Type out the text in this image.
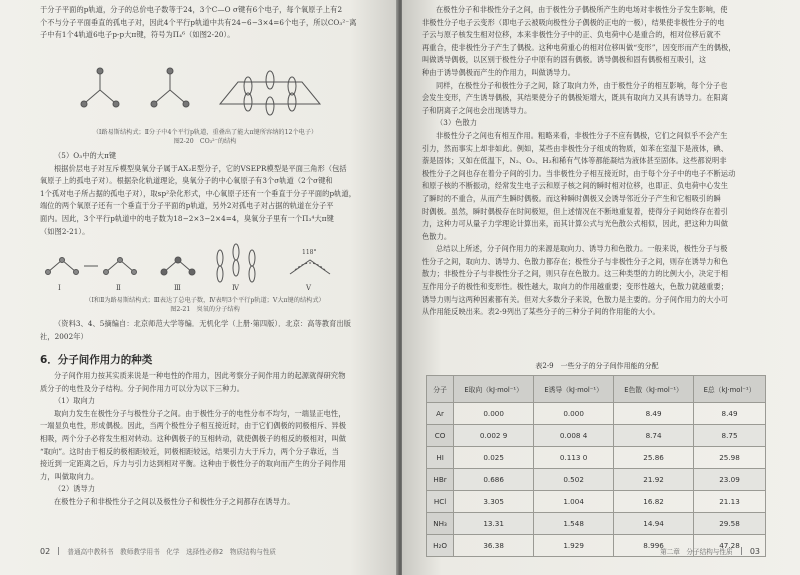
于分子平面的p轨道，分子的总价电子数等于24，3个C—O σ键有6个电子，每个氧原子上有2

个不与分子平面垂直的孤电子对，因此4个平行p轨道中共有24−6−3×4=6个电子，所以CO₃²⁻离

子中有1个4轨道6电子p-p大π键，符号为Π₄⁶（如图2-20）。

（Ⅰ路易斯结构式；Ⅱ分子中4个平行p轨道，重叠出了能大π键所容纳的12个电子）
图2-20　CO₃²⁻的结构

（5）O₃中的大π键

根据价层电子对互斥模型臭氧分子属于AX₂E型分子，它的VSEPR模型是平面三角形（包括

氧原子上的孤电子对）。根据杂化轨道理论，臭氧分子的中心氧原子有3个σ轨道（2个σ键和

1个孤对电子所占据的孤电子对），取sp²杂化形式，中心氧原子还有一个垂直于分子平面的p轨道，

端位的两个氧原子还有一个垂直于分子平面的p轨道，另外2对孤电子对占据的轨道在分子平

面内。因此，3个平行p轨道中的电子数为18−2×3−2×4=4，臭氧分子里有一个Π₃⁴大π键

（如图2-21）。

Ⅰ	Ⅱ	Ⅲ	Ⅳ	Ⅴ
118°
（Ⅰ和Ⅱ为路易斯结构式；Ⅲ表达了总电子数，Ⅳ表明3个平行p轨道；Ⅴ大π键的结构式）
图2-21　臭氧的分子结构

（资料3、4、5摘编自：北京师范大学等编．无机化学（上册·第四版）．北京：高等教育出版

社，2002年）

6．分子间作用力的种类

分子间作用力按其实质来说是一种电性的作用力，因此考察分子间作用力的起源就得研究物

质分子的电性及分子结构。分子间作用力可以分为以下三种力。

（1）取向力

取向力发生在极性分子与极性分子之间。由于极性分子的电性分布不均匀，一端显正电性，

一端显负电性，形成偶极。因此，当两个极性分子相互接近时，由于它们偶极的同极相斥、异极

相吸，两个分子必将发生相对转动。这种偶极子的互相转动，就使偶极子的相反的极相对，叫做

“取向”。这时由于相反的极相距较近，同极相距较远，结果引力大于斥力，两个分子靠近，当

接近到一定距离之后，斥力与引力达到相对平衡。这种由于极性分子的取向而产生的分子间作用

力，叫做取向力。

（2）诱导力

在极性分子和非极性分子之间以及极性分子和极性分子之间都存在诱导力。

02	普通高中教科书　教师教学用书　化学　选择性必修2　物质结构与性质

在极性分子和非极性分子之间，由于极性分子偶极所产生的电场对非极性分子发生影响，使

非极性分子电子云变形（即电子云被吸向极性分子偶极的正电的一极），结果使非极性分子的电

子云与原子核发生相对位移，本来非极性分子中的正、负电荷中心是重合的，相对位移后就不

再重合，使非极性分子产生了偶极。这种电荷重心的相对位移叫做“变形”，因变形而产生的偶极，

叫做诱导偶极，以区别于极性分子中原有的固有偶极。诱导偶极和固有偶极相互吸引，这

种由于诱导偶极而产生的作用力，叫做诱导力。

同样，在极性分子和极性分子之间，除了取向力外，由于极性分子的相互影响，每个分子也

会发生变形，产生诱导偶极，其结果使分子的偶极矩增大，既具有取向力又具有诱导力。在阳离

子和阴离子之间也会出现诱导力。

（3）色散力

非极性分子之间也有相互作用。粗略来看，非极性分子不应有偶极，它们之间似乎不会产生

引力，然而事实上却非如此。例如，某些由非极性分子组成的物质，如苯在室温下是液体，碘、

萘是固体；又如在低温下，N₂、O₂、H₂和稀有气体等都能凝结为液体甚至固体。这些都说明非

极性分子之间也存在着分子间的引力。当非极性分子相互接近时，由于每个分子中的电子不断运动

和原子核的不断振动，经常发生电子云和原子核之间的瞬时相对位移，也即正、负电荷中心发生

了瞬时的不重合，从而产生瞬时偶极。而这种瞬时偶极又会诱导邻近分子产生和它相吸引的瞬

时偶极。虽然，瞬时偶极存在时间极短，但上述情况在不断地重复着，使得分子间始终存在着引

力，这种力可从量子力学理论计算出来，而其计算公式与光色散公式相似，因此，把这种力叫做

色散力。

总结以上所述，分子间作用力的来源是取向力、诱导力和色散力。一般来说，极性分子与极

性分子之间，取向力、诱导力、色散力都存在；极性分子与非极性分子之间，则存在诱导力和色

散力；非极性分子与非极性分子之间，则只存在色散力。这三种类型的力的比例大小，决定于相

互作用分子的极性和变形性。极性越大，取向力的作用越重要；变形性越大，色散力就越重要；

诱导力则与这两种因素都有关。但对大多数分子来说，色散力是主要的。分子间作用力的大小可

从作用能反映出来。表2-9列出了某些分子的三种分子间的作用能的大小。

表2-9　一些分子的分子间作用能的分配
分子	E取向（kJ·mol⁻¹）	E诱导（kJ·mol⁻¹）	E色散（kJ·mol⁻¹）	E总（kJ·mol⁻¹）
Ar	0.000	0.000	8.49	8.49
CO	0.002 9	0.008 4	8.74	8.75
HI	0.025	0.113 0	25.86	25.98
HBr	0.686	0.502	21.92	23.09
HCl	3.305	1.004	16.82	21.13
NH₃	13.31	1.548	14.94	29.58
H₂O	36.38	1.929	8.996	47.28
第二章　分子结构与性质 03
